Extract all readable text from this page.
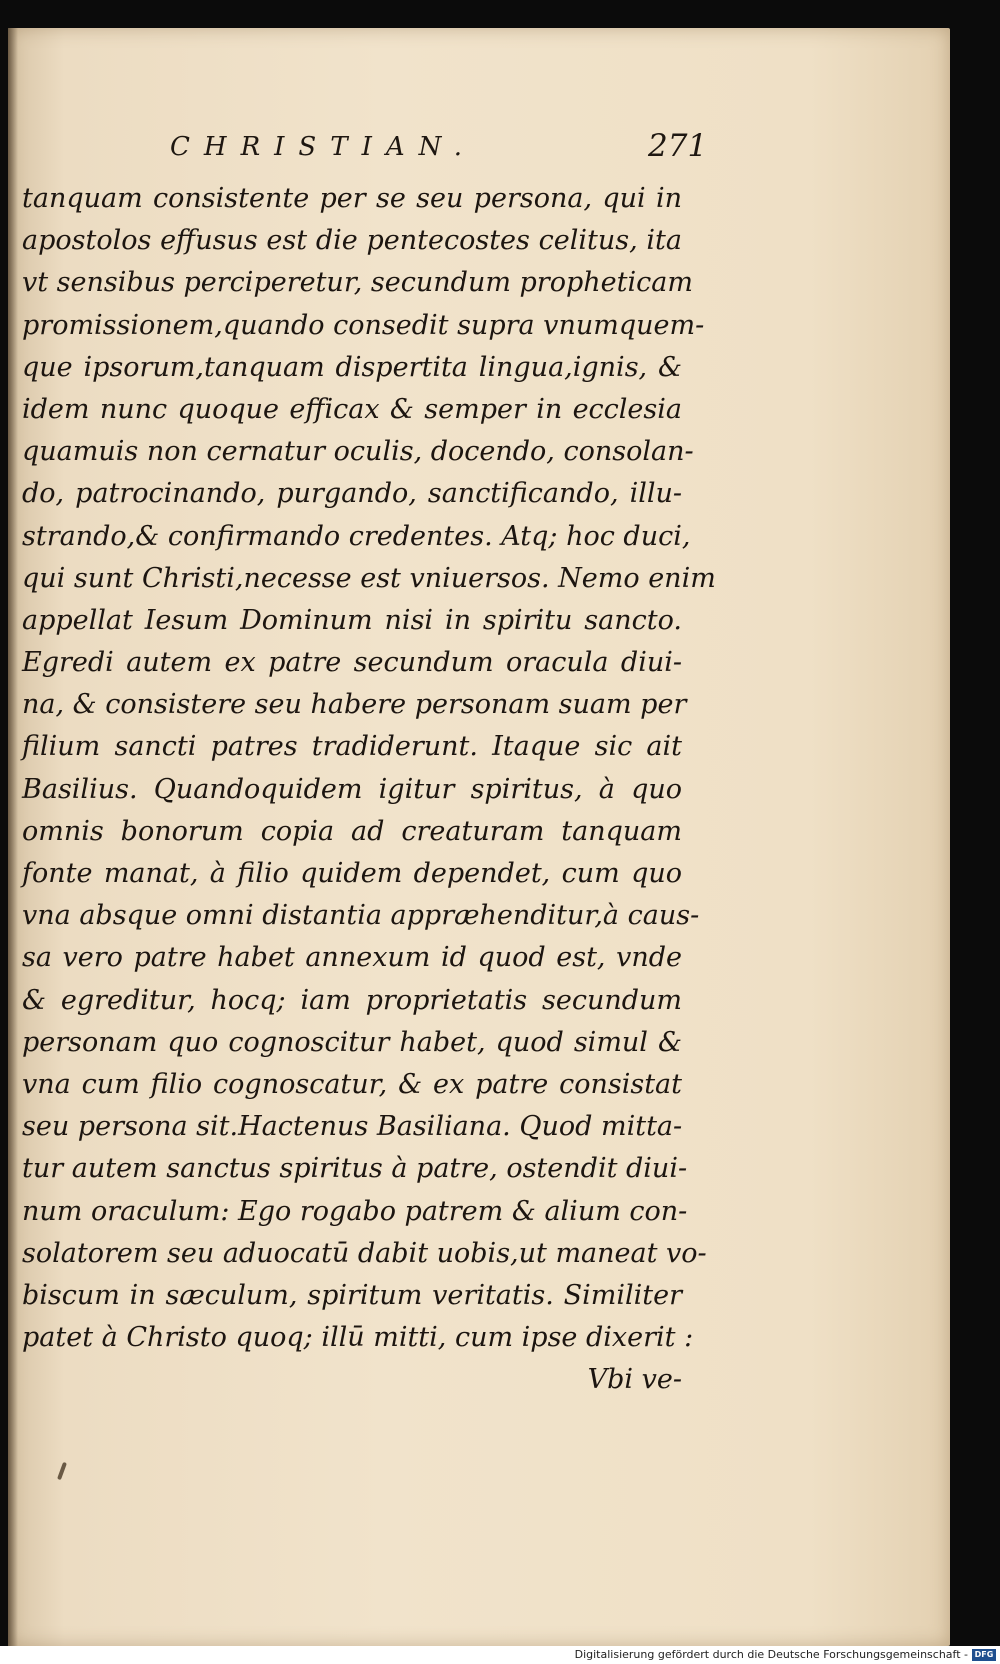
CHRISTIAN.	271
tanquam consistente per se seu persona, qui in
apostolos effusus est die pentecostes celitus, ita
vt sensibus perciperetur, secundum propheticam
promissionem,quando consedit supra vnumquem-
que ipsorum,tanquam dispertita lingua,ignis, &
idem nunc quoque efficax & semper in ecclesia
quamuis non cernatur oculis, docendo, consolan-
do, patrocinando, purgando, sanctificando, illu-
strando,& confirmando credentes. Atq; hoc duci,
qui sunt Christi,necesse est vniuersos. Nemo enim
appellat Iesum Dominum nisi in spiritu sancto.
Egredi autem ex patre secundum oracula diui-
na, & consistere seu habere personam suam per
filium sancti patres tradiderunt. Itaque sic ait
Basilius. Quandoquidem igitur spiritus, à quo
omnis bonorum copia ad creaturam tanquam
fonte manat, à filio quidem dependet, cum quo
vna absque omni distantia apprӕhenditur,à caus-
sa vero patre habet annexum id quod est, vnde
& egreditur, hocq; iam proprietatis secundum
personam quo cognoscitur habet, quod simul &
vna cum filio cognoscatur, & ex patre consistat
seu persona sit.Hactenus Basiliana. Quod mitta-
tur autem sanctus spiritus à patre, ostendit diui-
num oraculum: Ego rogabo patrem & alium con-
solatorem seu aduocatū dabit uobis,ut maneat vo-
biscum in sӕculum, spiritum veritatis. Similiter
patet à Christo quoq; illū mitti, cum ipse dixerit :
Vbi ve-
Digitalisierung gefördert durch die Deutsche Forschungsgemeinschaft - DFG
